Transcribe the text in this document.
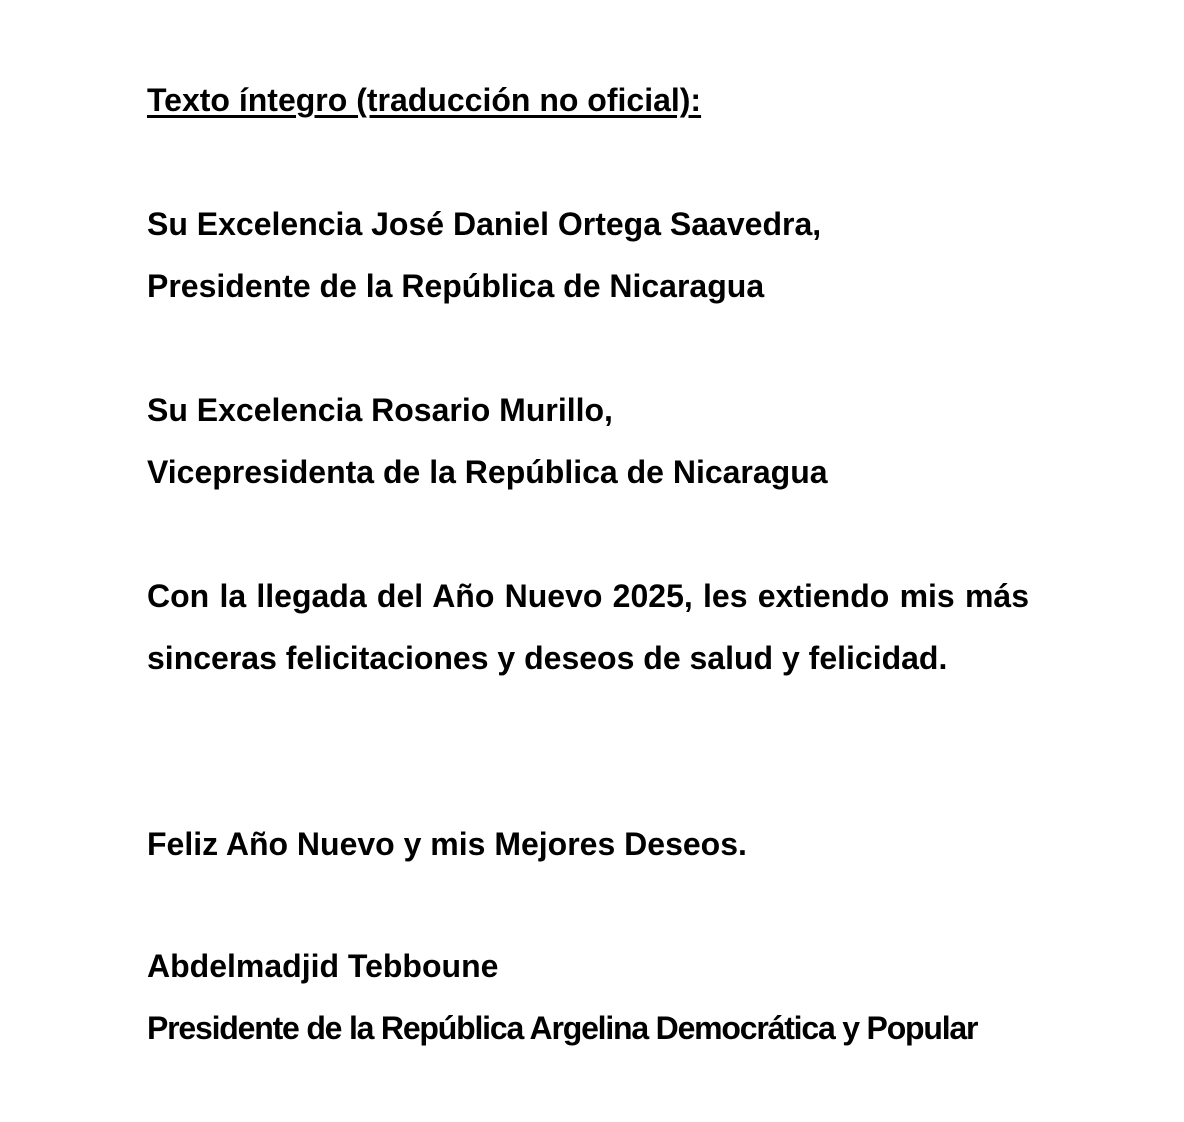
Texto íntegro (traducción no oficial):
Su Excelencia José Daniel Ortega Saavedra,
Presidente de la República de Nicaragua
Su Excelencia Rosario Murillo,
Vicepresidenta de la República de Nicaragua
Con la llegada del Año Nuevo 2025, les extiendo mis más sinceras felicitaciones y deseos de salud y felicidad.
Feliz Año Nuevo y mis Mejores Deseos.
Abdelmadjid Tebboune
Presidente de la República Argelina Democrática y Popular
